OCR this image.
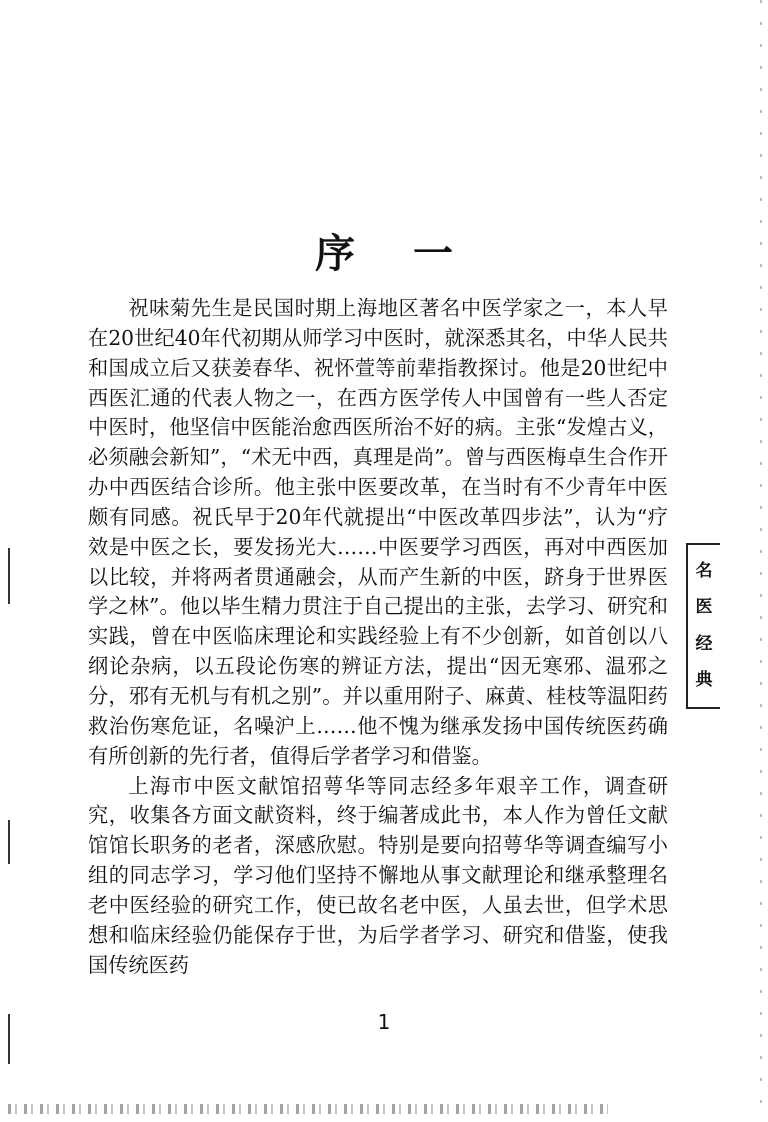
序 一

祝味菊先生是民国时期上海地区著名中医学家之一，本人早在20世纪40年代初期从师学习中医时，就深悉其名，中华人民共和国成立后又获姜春华、祝怀萱等前辈指教探讨。他是20世纪中西医汇通的代表人物之一，在西方医学传人中国曾有一些人否定中医时，他坚信中医能治愈西医所治不好的病。主张“发煌古义，必须融会新知”，“术无中西，真理是尚”。曾与西医梅卓生合作开办中西医结合诊所。他主张中医要改革，在当时有不少青年中医颇有同感。祝氏早于20年代就提出“中医改革四步法”，认为“疗效是中医之长，要发扬光大……中医要学习西医，再对中西医加以比较，并将两者贯通融会，从而产生新的中医，跻身于世界医学之林”。他以毕生精力贯注于自己提出的主张，去学习、研究和实践，曾在中医临床理论和实践经验上有不少创新，如首创以八纲论杂病，以五段论伤寒的辨证方法，提出“因无寒邪、温邪之分，邪有无机与有机之别”。并以重用附子、麻黄、桂枝等温阳药救治伤寒危证，名噪沪上……他不愧为继承发扬中国传统医药确有所创新的先行者，值得后学者学习和借鉴。

上海市中医文献馆招萼华等同志经多年艰辛工作，调查研究，收集各方面文献资料，终于编著成此书，本人作为曾任文献馆馆长职务的老者，深感欣慰。特别是要向招萼华等调查编写小组的同志学习，学习他们坚持不懈地从事文献理论和继承整理名老中医经验的研究工作，使已故名老中医，人虽去世，但学术思想和临床经验仍能保存于世，为后学者学习、研究和借鉴，使我国传统医药

名
医
经
典
1
